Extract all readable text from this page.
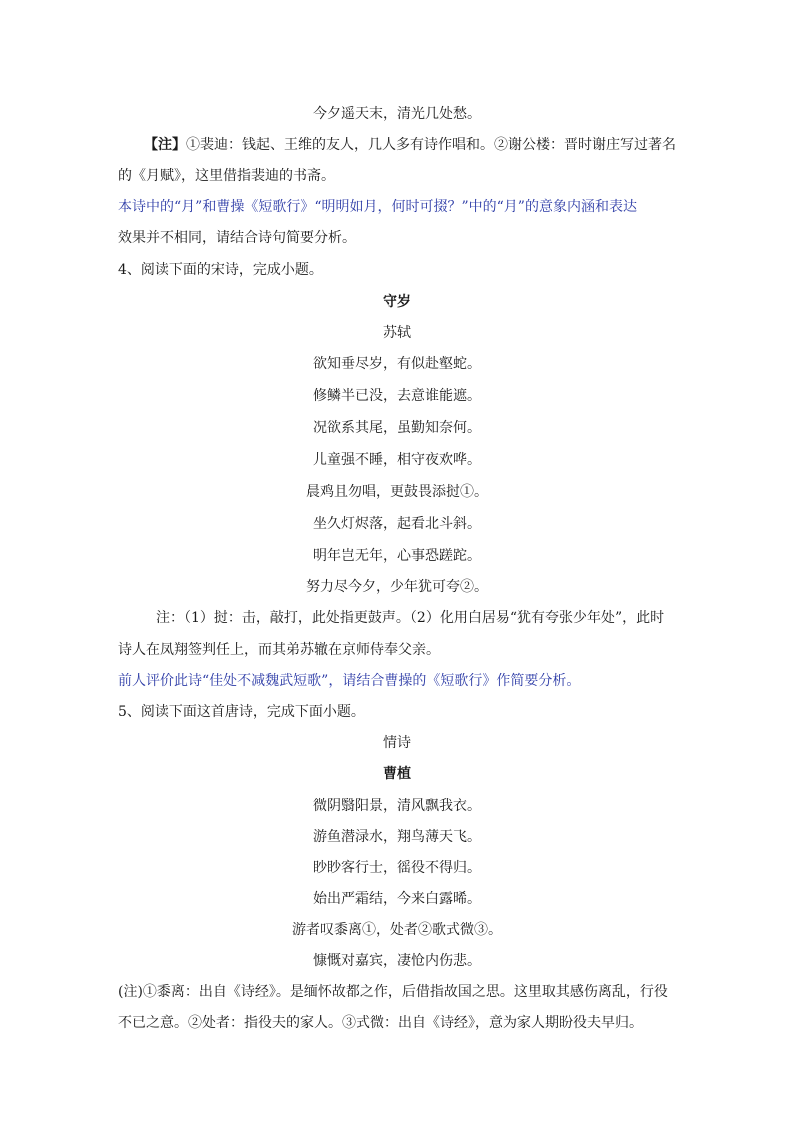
今夕遥天末，清光几处愁。
【注】①裴迪：钱起、王维的友人，几人多有诗作唱和。②谢公楼：晋时谢庄写过著名
的《月赋》，这里借指裴迪的书斋。
本诗中的“月”和曹操《短歌行》“明明如月，何时可掇？”中的“月”的意象内涵和表达
效果并不相同，请结合诗句简要分析。
4、阅读下面的宋诗，完成小题。
守岁
苏轼
欲知垂尽岁，有似赴壑蛇。
修鳞半已没，去意谁能遮。
况欲系其尾，虽勤知奈何。
儿童强不睡，相守夜欢哗。
晨鸡且勿唱，更鼓畏添挝①。
坐久灯烬落，起看北斗斜。
明年岂无年，心事恐蹉跎。
努力尽今夕，少年犹可夸②。
注：（1）挝：击，敲打，此处指更鼓声。（2）化用白居易“犹有夸张少年处”，此时
诗人在凤翔签判任上，而其弟苏辙在京师侍奉父亲。
前人评价此诗“佳处不减魏武短歌”，请结合曹操的《短歌行》作简要分析。
5、阅读下面这首唐诗，完成下面小题。
情诗
曹植
微阴翳阳景，清风飘我衣。
游鱼潜渌水，翔鸟薄天飞。
眇眇客行士，徭役不得归。
始出严霜结，今来白露晞。
游者叹黍离①，处者②歌式微③。
慷慨对嘉宾，凄怆内伤悲。
(注)①黍离：出自《诗经》。是缅怀故都之作，后借指故国之思。这里取其感伤离乱，行役
不已之意。②处者：指役夫的家人。③式微：出自《诗经》，意为家人期盼役夫早归。
